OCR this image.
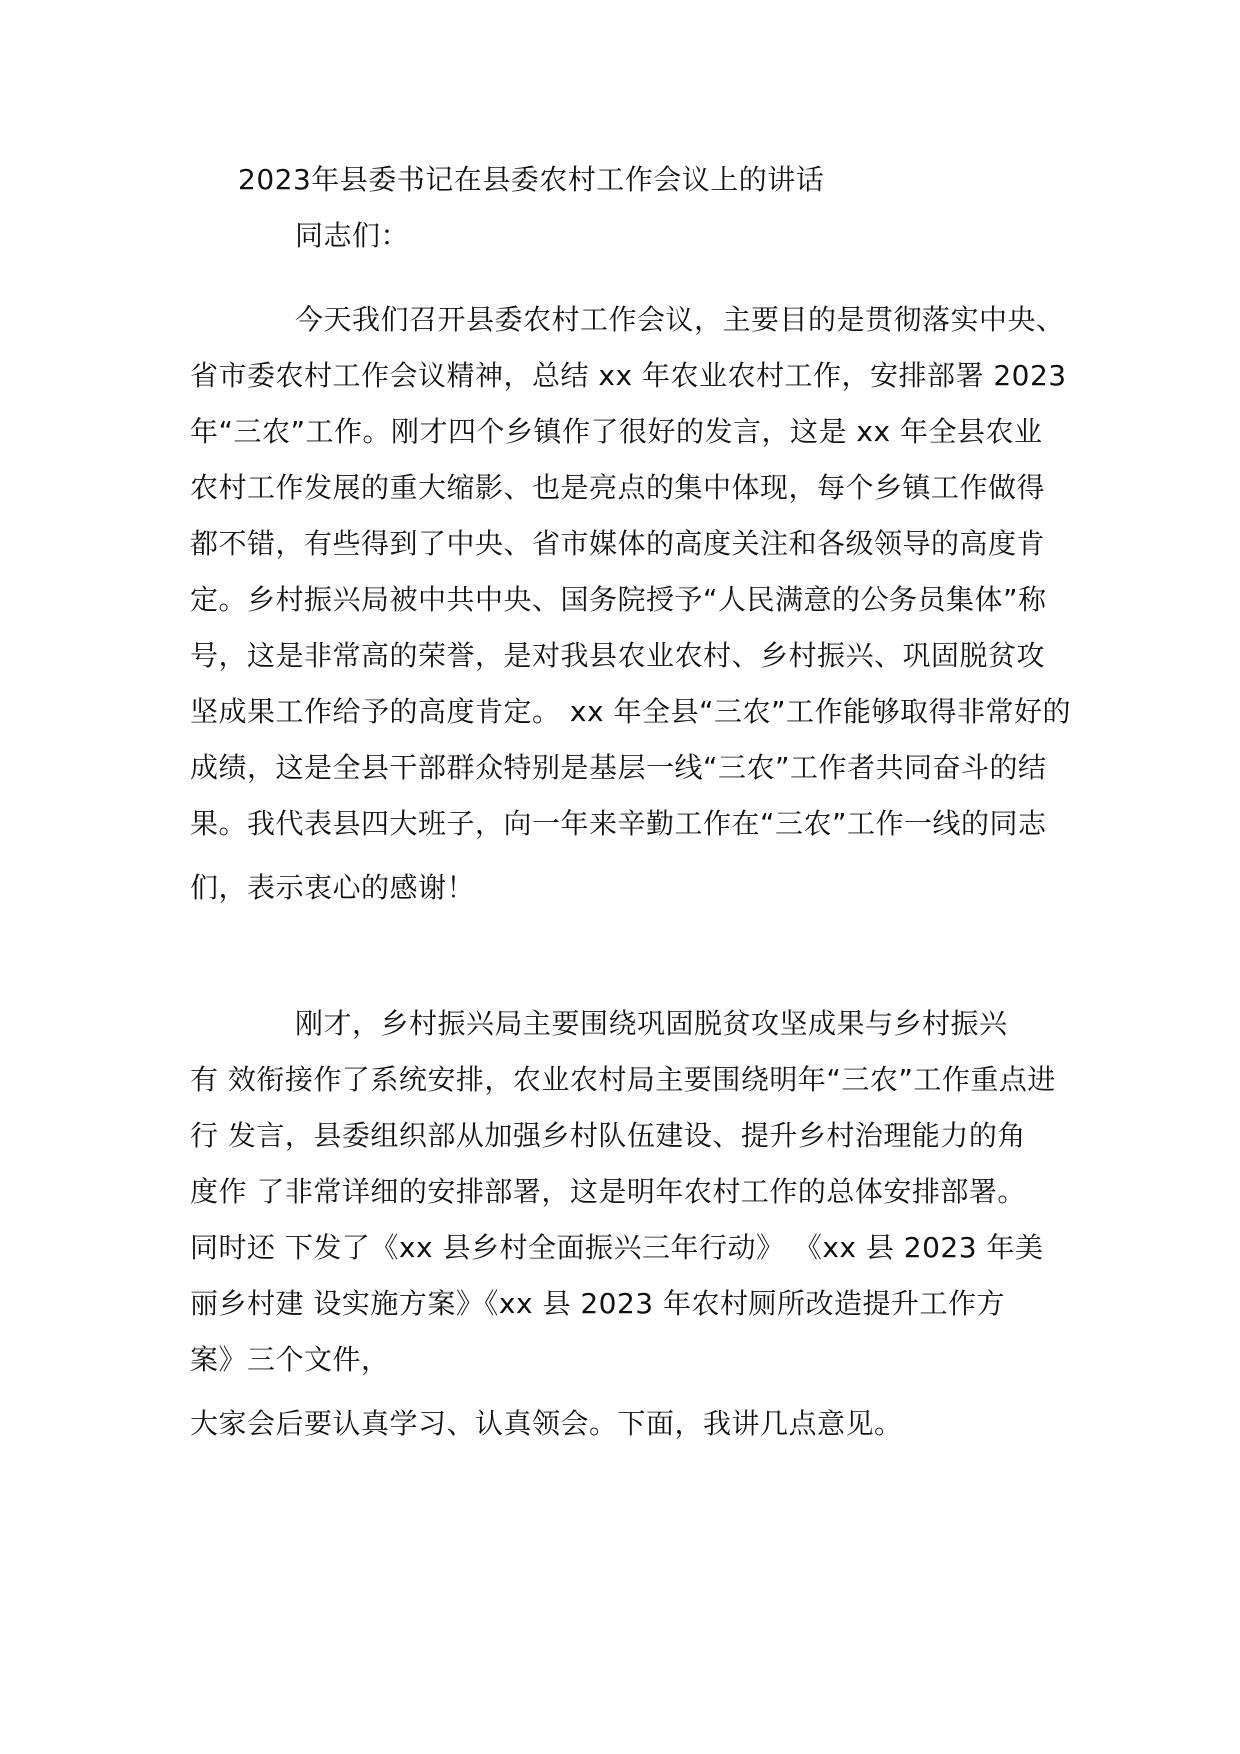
2023年县委书记在县委农村工作会议上的讲话
同志们：
今天我们召开县委农村工作会议，主要目的是贯彻落实中央、
省市委农村工作会议精神，总结 xx 年农业农村工作，安排部署 2023
年“三农”工作。刚才四个乡镇作了很好的发言，这是 xx 年全县农业
农村工作发展的重大缩影、也是亮点的集中体现，每个乡镇工作做得
都不错，有些得到了中央、省市媒体的高度关注和各级领导的高度肯
定。乡村振兴局被中共中央、国务院授予“人民满意的公务员集体”称
号，这是非常高的荣誉，是对我县农业农村、乡村振兴、巩固脱贫攻
坚成果工作给予的高度肯定。 xx 年全县“三农”工作能够取得非常好的
成绩，这是全县干部群众特别是基层一线“三农”工作者共同奋斗的结
果。我代表县四大班子，向一年来辛勤工作在“三农”工作一线的同志
们，表示衷心的感谢！
刚才，乡村振兴局主要围绕巩固脱贫攻坚成果与乡村振兴
有 效衔接作了系统安排，农业农村局主要围绕明年“三农”工作重点进
行 发言，县委组织部从加强乡村队伍建设、提升乡村治理能力的角
度作 了非常详细的安排部署，这是明年农村工作的总体安排部署。
同时还 下发了《xx 县乡村全面振兴三年行动》 《xx 县 2023 年美
丽乡村建 设实施方案》《xx 县 2023 年农村厕所改造提升工作方
案》三个文件，
大家会后要认真学习、认真领会。下面，我讲几点意见。
